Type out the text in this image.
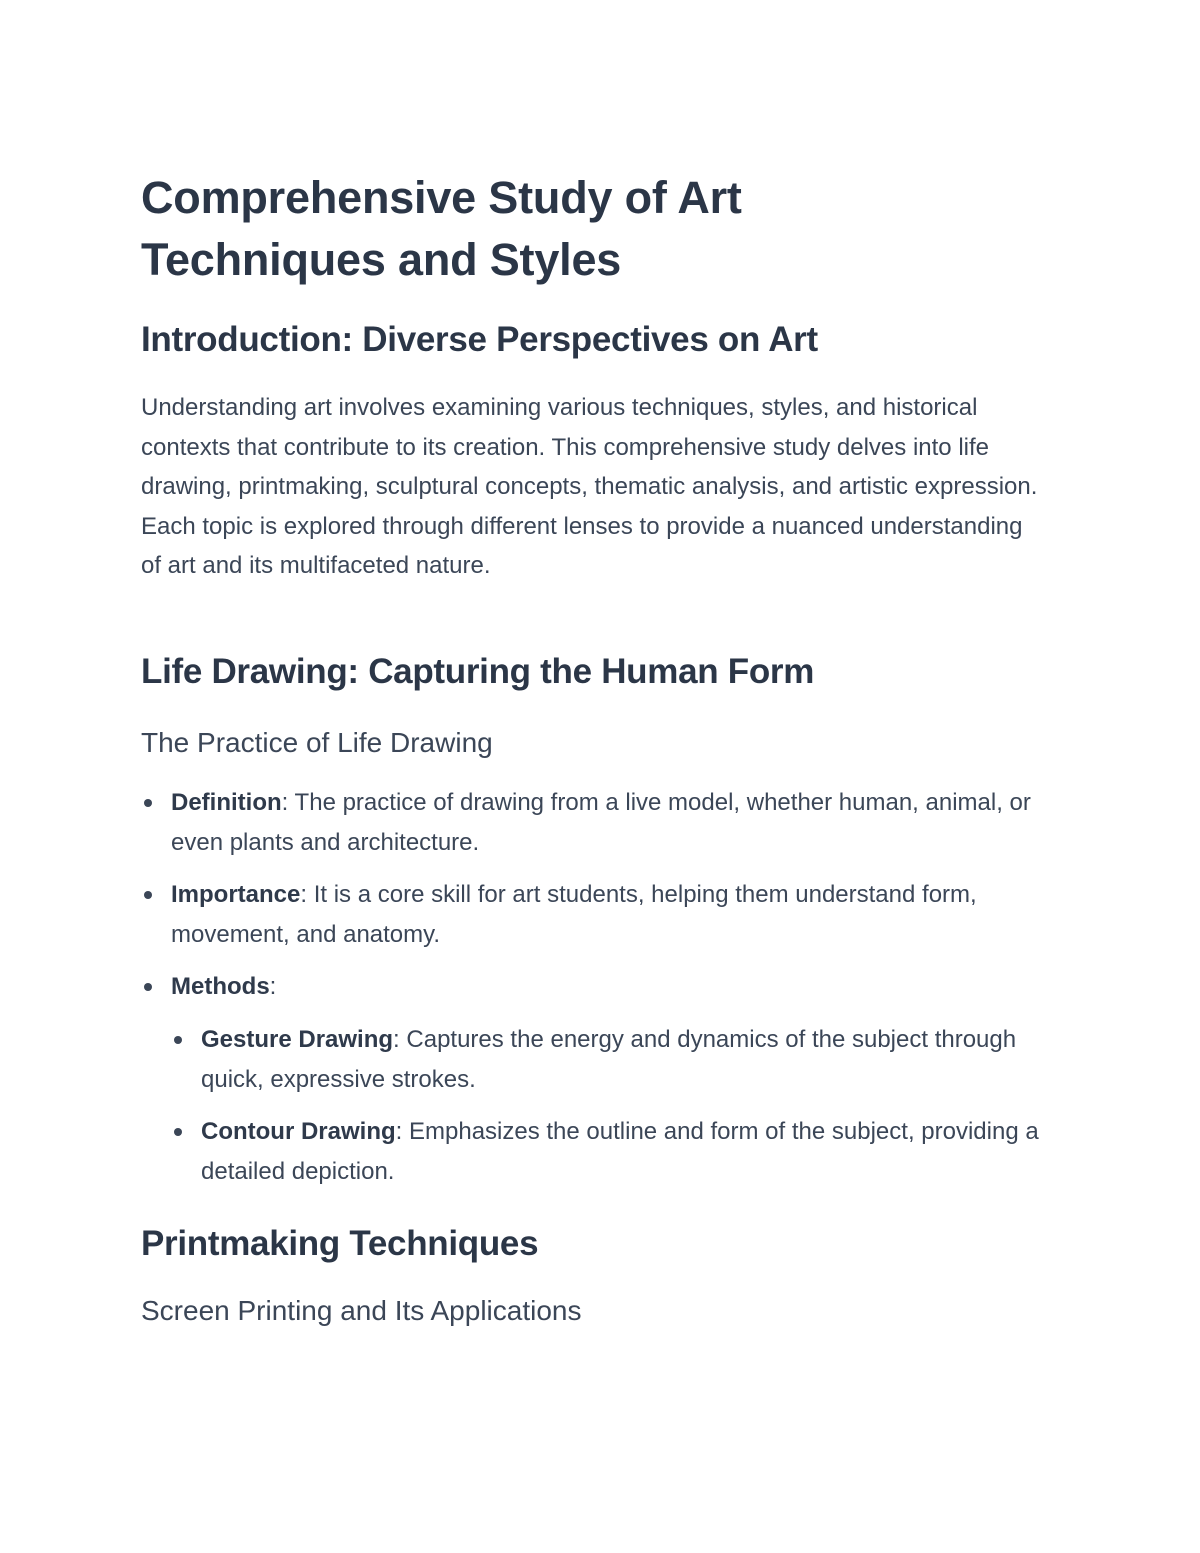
Comprehensive Study of Art Techniques and Styles
Introduction: Diverse Perspectives on Art

Understanding art involves examining various techniques, styles, and historical contexts that contribute to its creation. This comprehensive study delves into life drawing, printmaking, sculptural concepts, thematic analysis, and artistic expression. Each topic is explored through different lenses to provide a nuanced understanding of art and its multifaceted nature.

Life Drawing: Capturing the Human Form
The Practice of Life Drawing
Definition: The practice of drawing from a live model, whether human, animal, or even plants and architecture.
Importance: It is a core skill for art students, helping them understand form, movement, and anatomy.
Methods:
Gesture Drawing: Captures the energy and dynamics of the subject through quick, expressive strokes.
Contour Drawing: Emphasizes the outline and form of the subject, providing a detailed depiction.
Printmaking Techniques
Screen Printing and Its Applications
